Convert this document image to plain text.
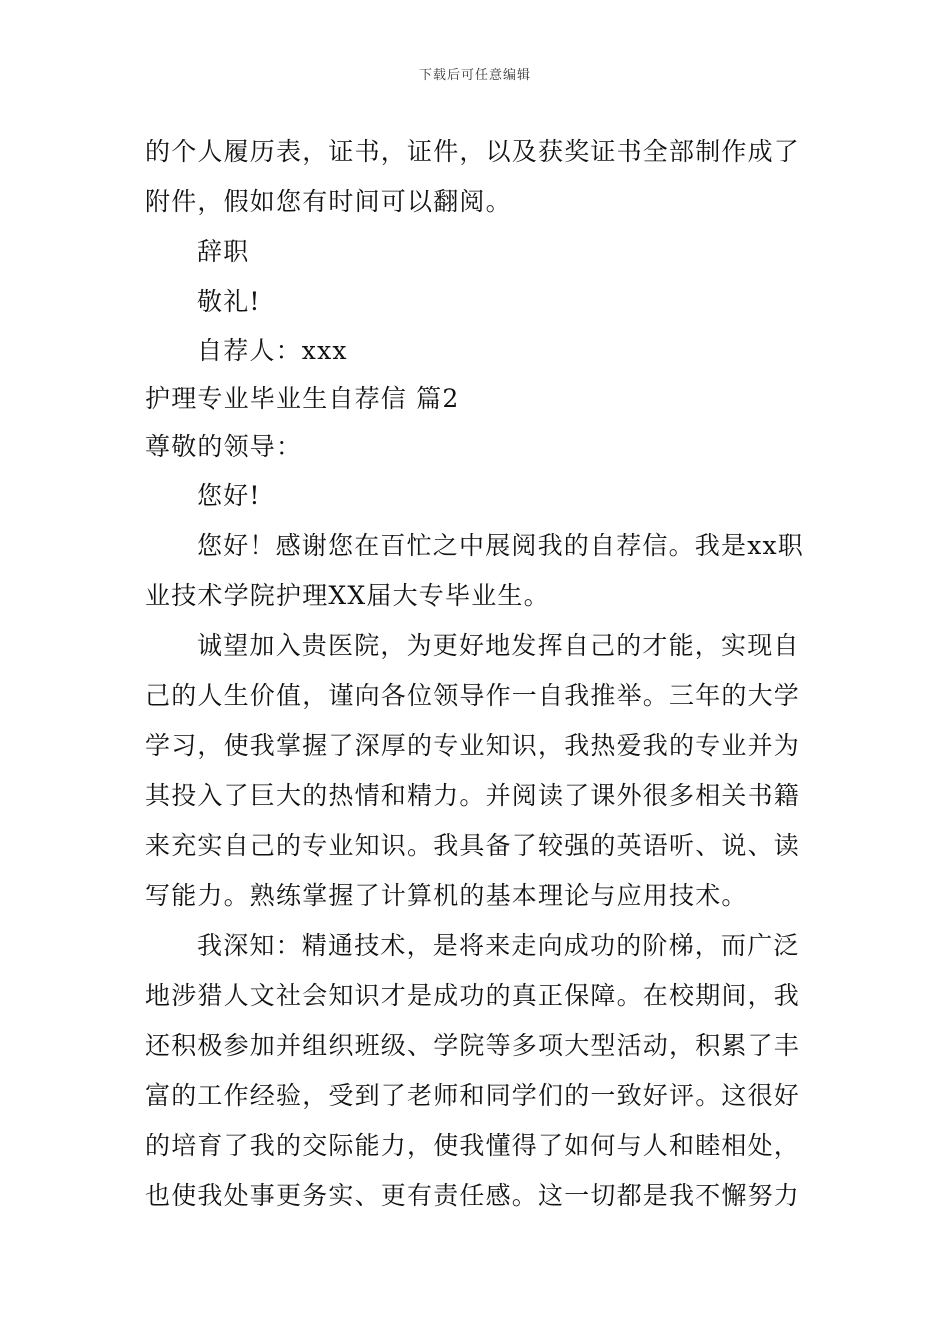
下载后可任意编辑
的个人履历表，证书，证件，以及获奖证书全部制作成了
附件，假如您有时间可以翻阅。
辞职
敬礼!
自荐人：xxx
护理专业毕业生自荐信 篇2
尊敬的领导：
您好!
您好！感谢您在百忙之中展阅我的自荐信。我是xx职
业技术学院护理XX届大专毕业生。
诚望加入贵医院，为更好地发挥自己的才能，实现自
己的人生价值，谨向各位领导作一自我推举。三年的大学
学习，使我掌握了深厚的专业知识，我热爱我的专业并为
其投入了巨大的热情和精力。并阅读了课外很多相关书籍
来充实自己的专业知识。我具备了较强的英语听、说、读
写能力。熟练掌握了计算机的基本理论与应用技术。
我深知：精通技术，是将来走向成功的阶梯，而广泛
地涉猎人文社会知识才是成功的真正保障。在校期间，我
还积极参加并组织班级、学院等多项大型活动，积累了丰
富的工作经验，受到了老师和同学们的一致好评。这很好
的培育了我的交际能力，使我懂得了如何与人和睦相处，
也使我处事更务实、更有责任感。这一切都是我不懈努力
